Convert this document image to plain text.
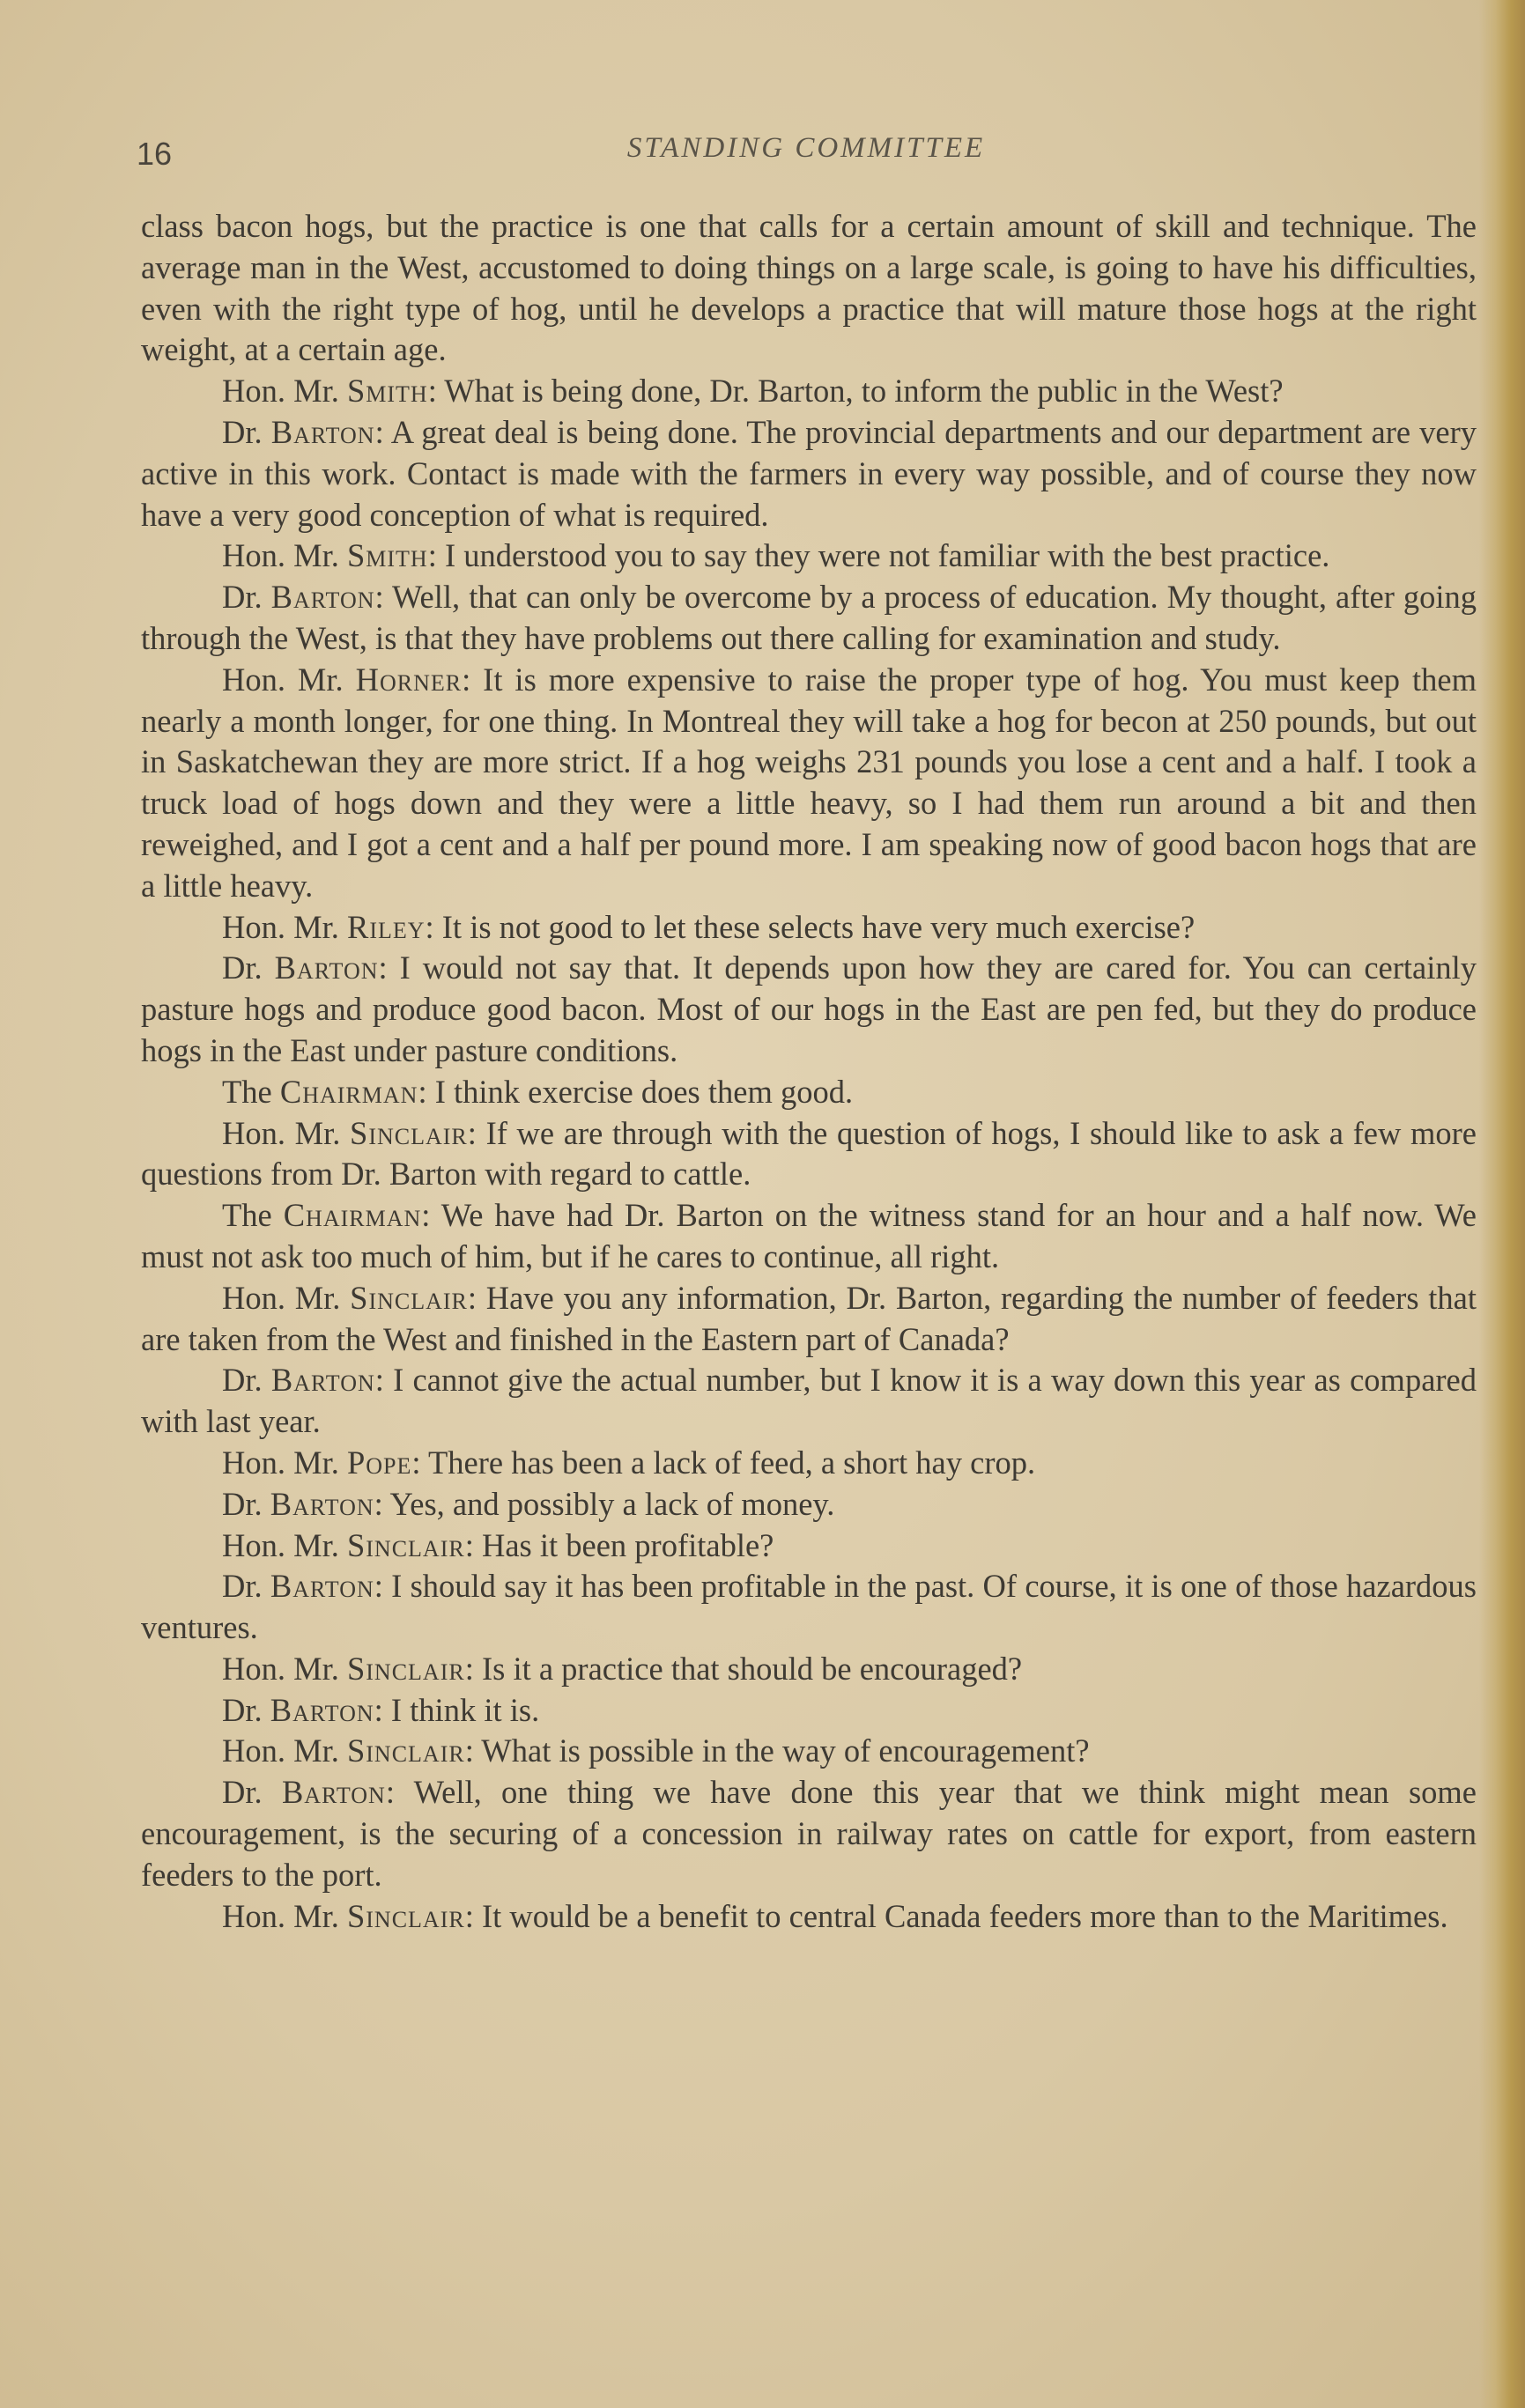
16	STANDING COMMITTEE

class bacon hogs, but the practice is one that calls for a certain amount of skill and technique. The average man in the West, accustomed to doing things on a large scale, is going to have his difficulties, even with the right type of hog, until he develops a practice that will mature those hogs at the right weight, at a certain age.

Hon. Mr. Smith: What is being done, Dr. Barton, to inform the public in the West?

Dr. Barton: A great deal is being done. The provincial departments and our department are very active in this work. Contact is made with the farmers in every way possible, and of course they now have a very good conception of what is required.

Hon. Mr. Smith: I understood you to say they were not familiar with the best practice.

Dr. Barton: Well, that can only be overcome by a process of education. My thought, after going through the West, is that they have problems out there calling for examination and study.

Hon. Mr. Horner: It is more expensive to raise the proper type of hog. You must keep them nearly a month longer, for one thing. In Montreal they will take a hog for becon at 250 pounds, but out in Saskatchewan they are more strict. If a hog weighs 231 pounds you lose a cent and a half. I took a truck load of hogs down and they were a little heavy, so I had them run around a bit and then reweighed, and I got a cent and a half per pound more. I am speaking now of good bacon hogs that are a little heavy.

Hon. Mr. Riley: It is not good to let these selects have very much exercise?

Dr. Barton: I would not say that. It depends upon how they are cared for. You can certainly pasture hogs and produce good bacon. Most of our hogs in the East are pen fed, but they do produce hogs in the East under pasture conditions.

The Chairman: I think exercise does them good.

Hon. Mr. Sinclair: If we are through with the question of hogs, I should like to ask a few more questions from Dr. Barton with regard to cattle.

The Chairman: We have had Dr. Barton on the witness stand for an hour and a half now. We must not ask too much of him, but if he cares to continue, all right.

Hon. Mr. Sinclair: Have you any information, Dr. Barton, regarding the number of feeders that are taken from the West and finished in the Eastern part of Canada?

Dr. Barton: I cannot give the actual number, but I know it is a way down this year as compared with last year.

Hon. Mr. Pope: There has been a lack of feed, a short hay crop.

Dr. Barton: Yes, and possibly a lack of money.

Hon. Mr. Sinclair: Has it been profitable?

Dr. Barton: I should say it has been profitable in the past. Of course, it is one of those hazardous ventures.

Hon. Mr. Sinclair: Is it a practice that should be encouraged?

Dr. Barton: I think it is.

Hon. Mr. Sinclair: What is possible in the way of encouragement?

Dr. Barton: Well, one thing we have done this year that we think might mean some encouragement, is the securing of a concession in railway rates on cattle for export, from eastern feeders to the port.

Hon. Mr. Sinclair: It would be a benefit to central Canada feeders more than to the Maritimes.
